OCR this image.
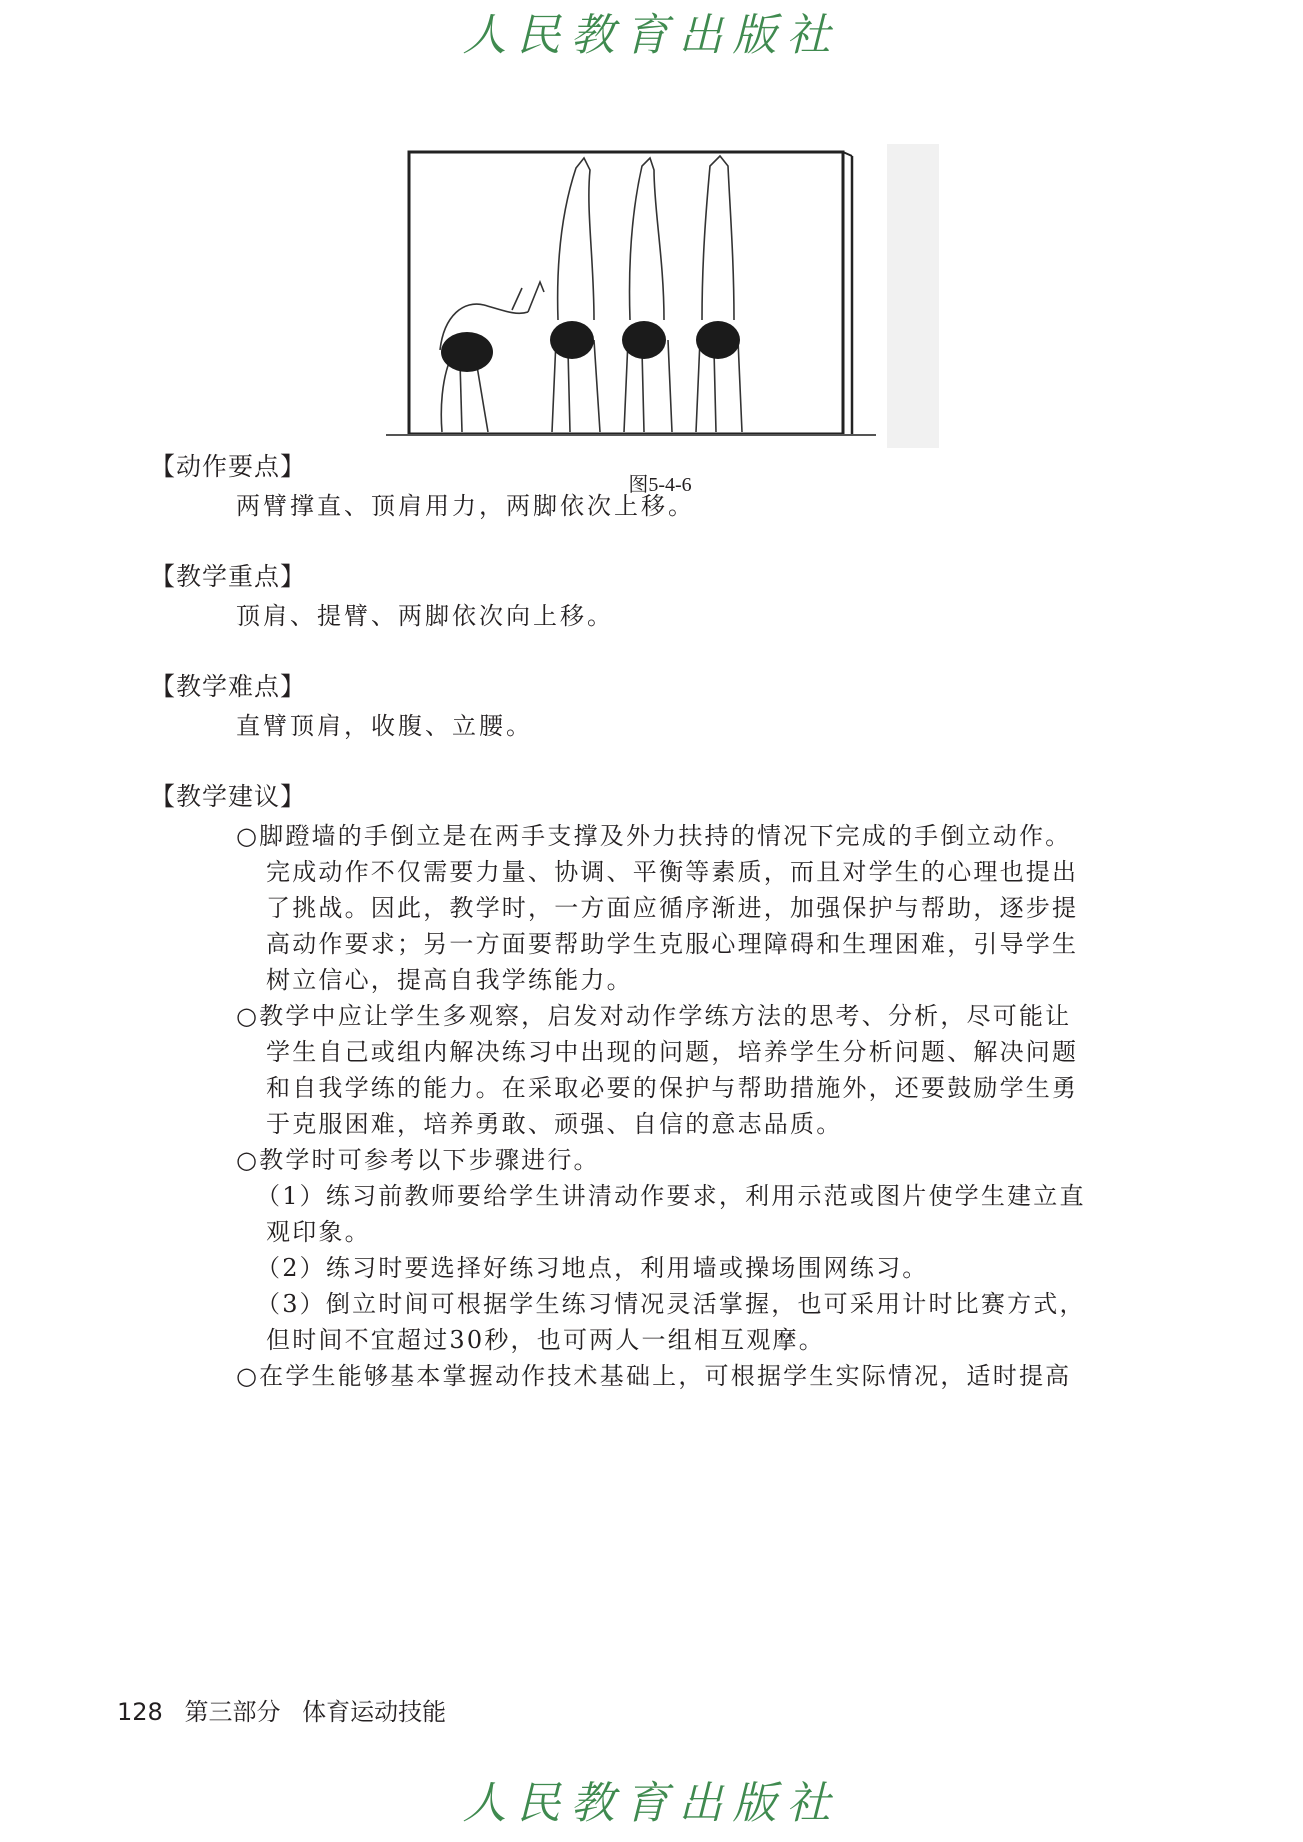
人民教育出版社
图5-4-6
【动作要点】
两臂撑直、顶肩用力，两脚依次上移。
【教学重点】
顶肩、提臂、两脚依次向上移。
【教学难点】
直臂顶肩，收腹、立腰。
【教学建议】
○脚蹬墙的手倒立是在两手支撑及外力扶持的情况下完成的手倒立动作。
完成动作不仅需要力量、协调、平衡等素质，而且对学生的心理也提出
了挑战。因此，教学时，一方面应循序渐进，加强保护与帮助，逐步提
高动作要求；另一方面要帮助学生克服心理障碍和生理困难，引导学生
树立信心，提高自我学练能力。
○教学中应让学生多观察，启发对动作学练方法的思考、分析，尽可能让
学生自己或组内解决练习中出现的问题，培养学生分析问题、解决问题
和自我学练的能力。在采取必要的保护与帮助措施外，还要鼓励学生勇
于克服困难，培养勇敢、顽强、自信的意志品质。
○教学时可参考以下步骤进行。
（1）练习前教师要给学生讲清动作要求，利用示范或图片使学生建立直
观印象。
（2）练习时要选择好练习地点，利用墙或操场围网练习。
（3）倒立时间可根据学生练习情况灵活掌握，也可采用计时比赛方式，
但时间不宜超过30秒，也可两人一组相互观摩。
○在学生能够基本掌握动作技术基础上，可根据学生实际情况，适时提高
128 第三部分 体育运动技能
人民教育出版社
